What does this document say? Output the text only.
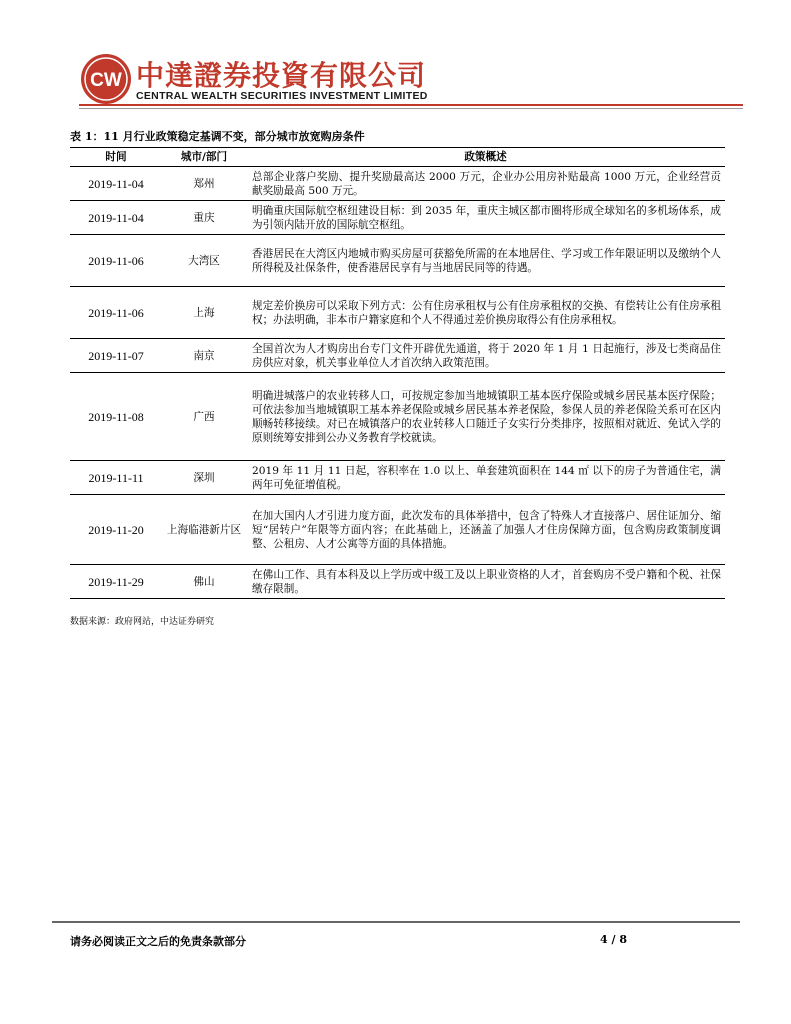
CW 中達證券投資有限公司
CENTRAL WEALTH SECURITIES INVESTMENT LIMITED
表 1：11 月行业政策稳定基调不变，部分城市放宽购房条件
时间	城市/部门	政策概述
2019-11-04	郑州	总部企业落户奖励、提升奖励最高达 2000 万元，企业办公用房补贴最高 1000 万元，企业经营贡献奖励最高 500 万元。
2019-11-04	重庆	明确重庆国际航空枢纽建设目标：到 2035 年，重庆主城区都市圈将形成全球知名的多机场体系，成为引领内陆开放的国际航空枢纽。
2019-11-06	大湾区	香港居民在大湾区内地城市购买房屋可获豁免所需的在本地居住、学习或工作年限证明以及缴纳个人所得税及社保条件，使香港居民享有与当地居民同等的待遇。
2019-11-06	上海	规定差价换房可以采取下列方式：公有住房承租权与公有住房承租权的交换、有偿转让公有住房承租权；办法明确，非本市户籍家庭和个人不得通过差价换房取得公有住房承租权。
2019-11-07	南京	全国首次为人才购房出台专门文件开辟优先通道，将于 2020 年 1 月 1 日起施行，涉及七类商品住房供应对象，机关事业单位人才首次纳入政策范围。
2019-11-08	广西	明确进城落户的农业转移人口，可按规定参加当地城镇职工基本医疗保险或城乡居民基本医疗保险；可依法参加当地城镇职工基本养老保险或城乡居民基本养老保险，参保人员的养老保险关系可在区内顺畅转移接续。对已在城镇落户的农业转移人口随迁子女实行分类排序，按照相对就近、免试入学的原则统筹安排到公办义务教育学校就读。
2019-11-11	深圳	2019 年 11 月 11 日起，容积率在 1.0 以上、单套建筑面积在 144 ㎡ 以下的房子为普通住宅，满两年可免征增值税。
2019-11-20	上海临港新片区	在加大国内人才引进力度方面，此次发布的具体举措中，包含了特殊人才直接落户、居住证加分、缩短“居转户”年限等方面内容；在此基础上，还涵盖了加强人才住房保障方面，包含购房政策制度调整、公租房、人才公寓等方面的具体措施。
2019-11-29	佛山	在佛山工作、具有本科及以上学历或中级工及以上职业资格的人才，首套购房不受户籍和个税、社保缴存限制。
数据来源：政府网站，中达证券研究
请务必阅读正文之后的免责条款部分	4 / 8
